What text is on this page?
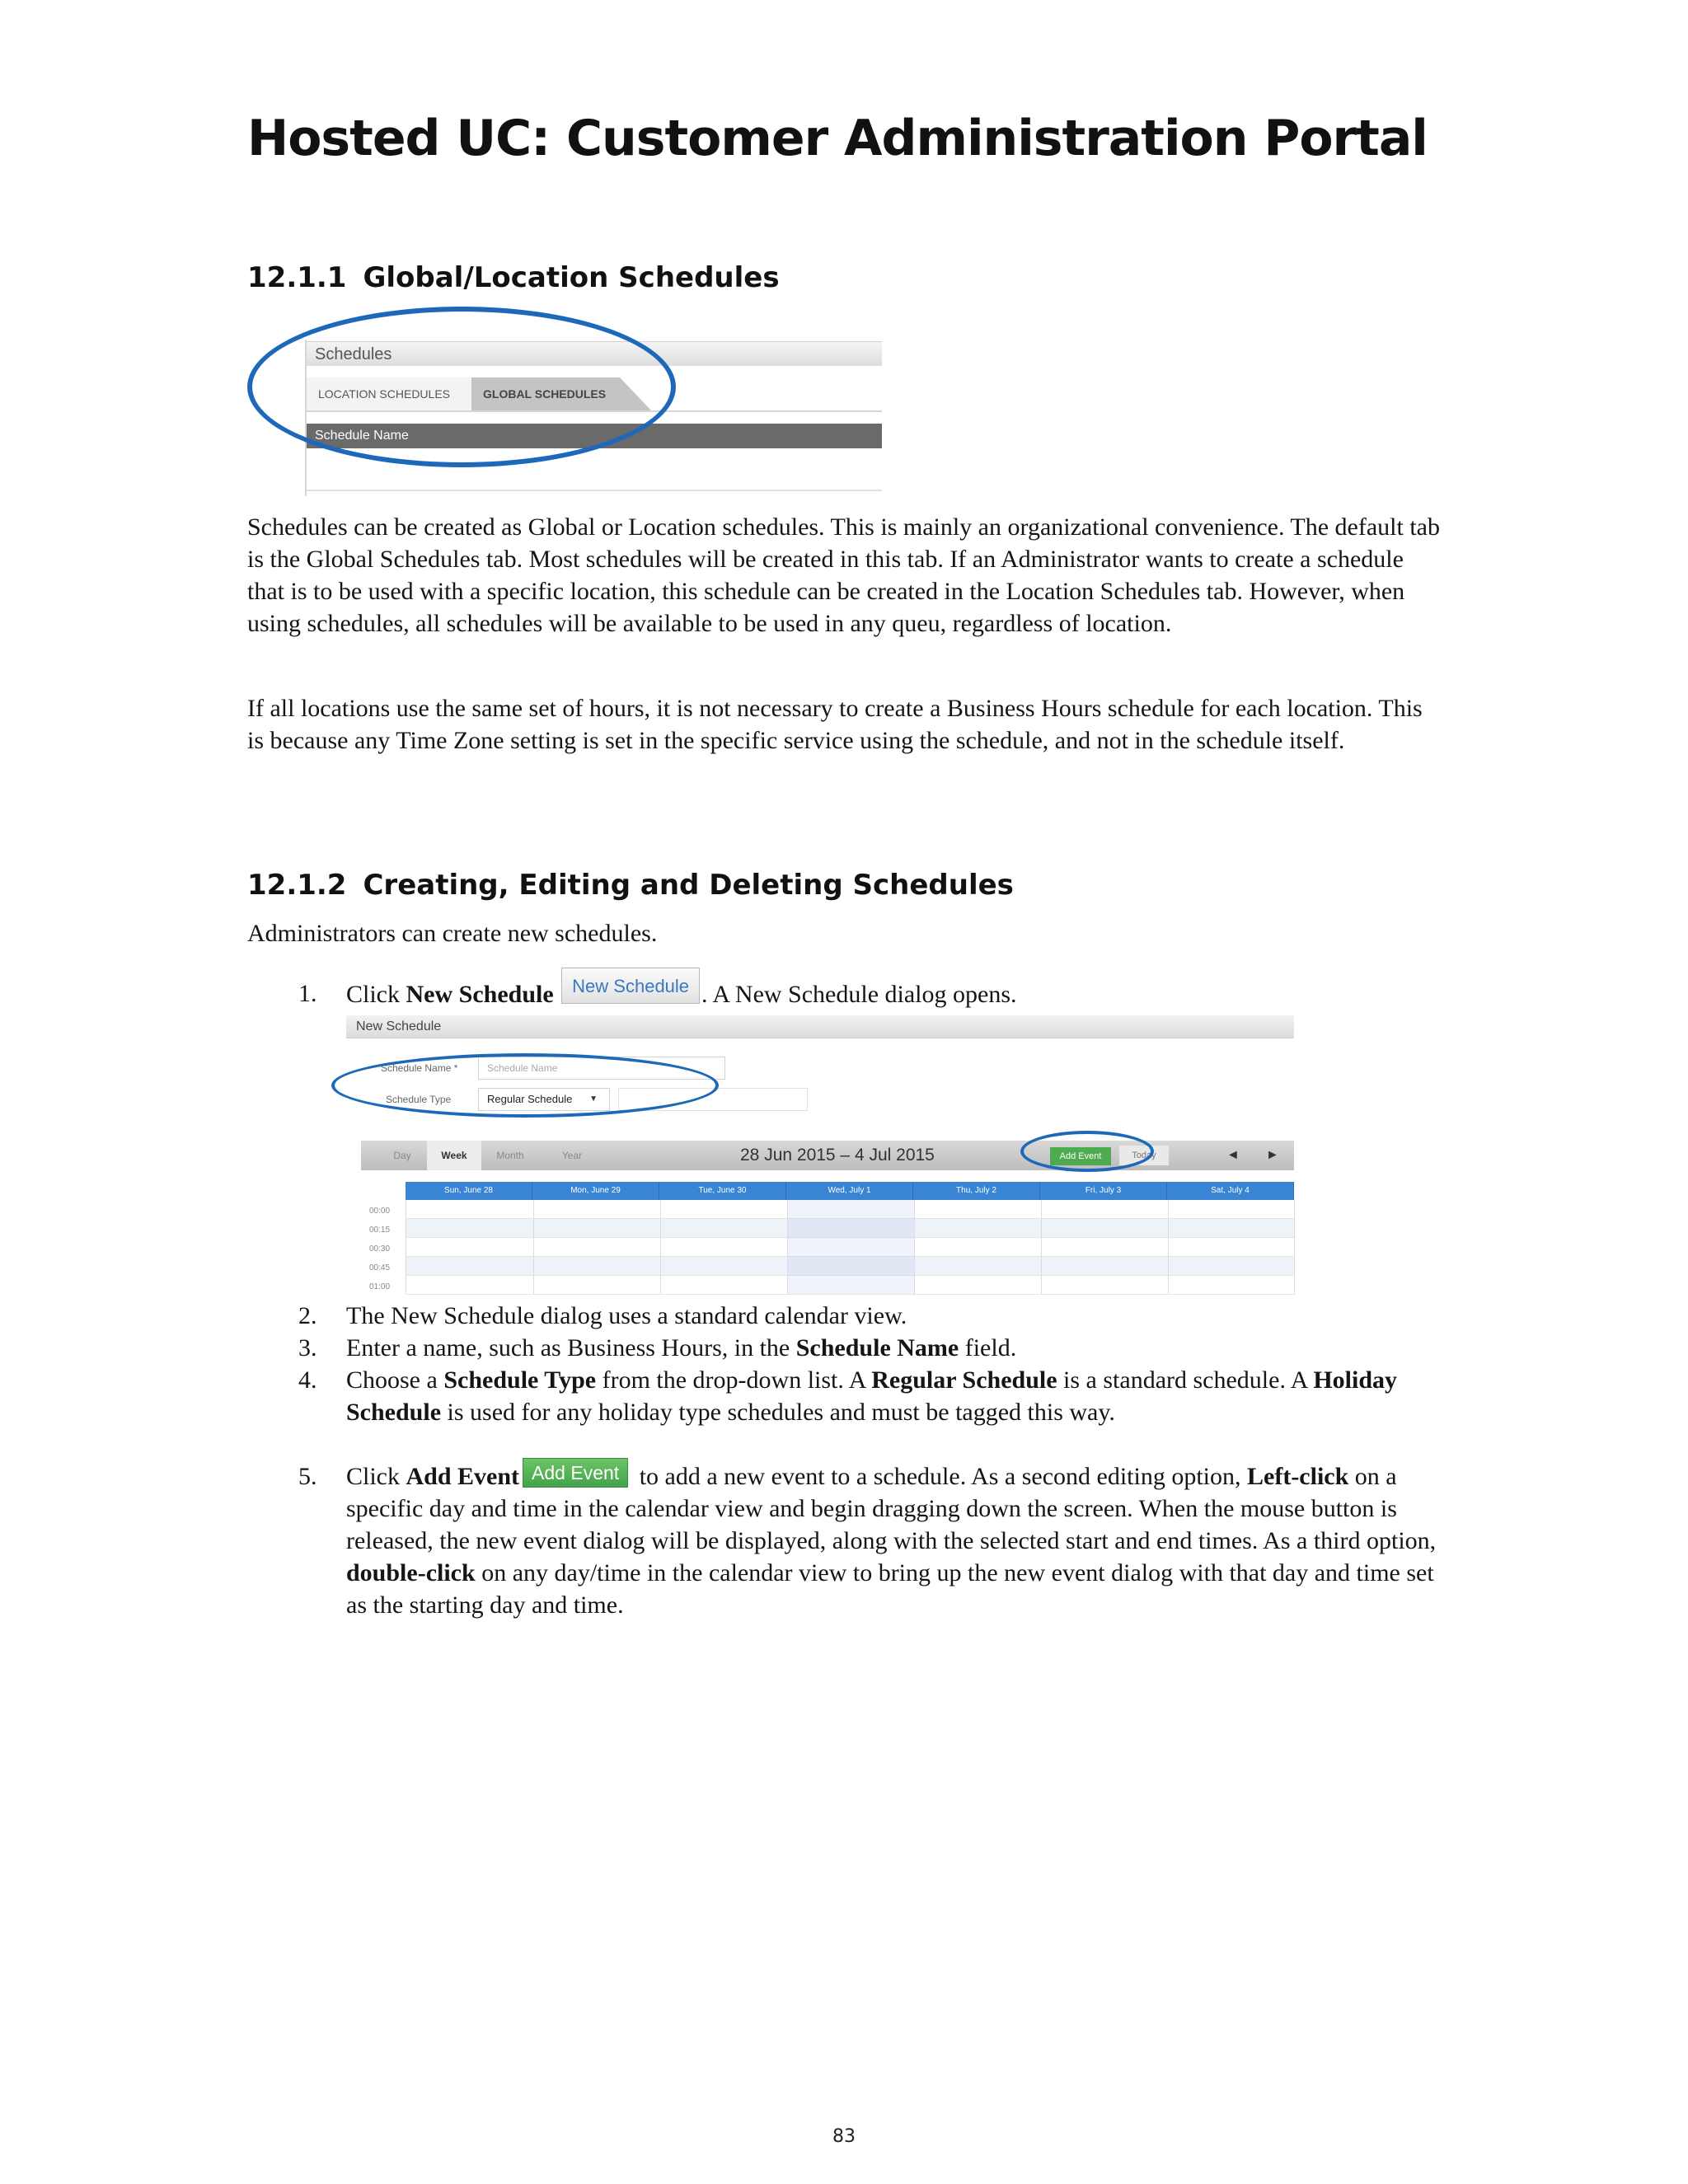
Hosted UC: Customer Administration Portal
12.1.1 Global/Location Schedules
Schedules
LOCATION SCHEDULES	GLOBAL SCHEDULES
Schedule Name

Schedules can be created as Global or Location schedules. This is mainly an organizational convenience. The default tab is the Global Schedules tab. Most schedules will be created in this tab. If an Administrator wants to create a schedule that is to be used with a specific location, this schedule can be created in the Location Schedules tab. However, when using schedules, all schedules will be available to be used in any queu, regardless of location.

If all locations use the same set of hours, it is not necessary to create a Business Hours schedule for each location. This is because any Time Zone setting is set in the specific service using the schedule, and not in the schedule itself.

12.1.2 Creating, Editing and Deleting Schedules

Administrators can create new schedules.

1. Click New Schedule New Schedule . A New Schedule dialog opens.

New Schedule
Schedule Name *	Schedule Name
Schedule Type	Regular Schedule ▼
Day	Week	Month	Year	28 Jun 2015 – 4 Jul 2015	Add Event	Today	◄ ►
Sun, June 28	Mon, June 29	Tue, June 30	Wed, July 1	Thu, July 2	Fri, July 3	Sat, July 4
00:00
00:15
00:30
00:45
01:00
2. The New Schedule dialog uses a standard calendar view.

3. Enter a name, such as Business Hours, in the Schedule Name field.

4. Choose a Schedule Type from the drop-down list. A Regular Schedule is a standard schedule. A Holiday Schedule is used for any holiday type schedules and must be tagged this way.

5. Click Add Event Add Event to add a new event to a schedule. As a second editing option, Left-click on a specific day and time in the calendar view and begin dragging down the screen. When the mouse button is released, the new event dialog will be displayed, along with the selected start and end times. As a third option, double-click on any day/time in the calendar view to bring up the new event dialog with that day and time set as the starting day and time.

83
